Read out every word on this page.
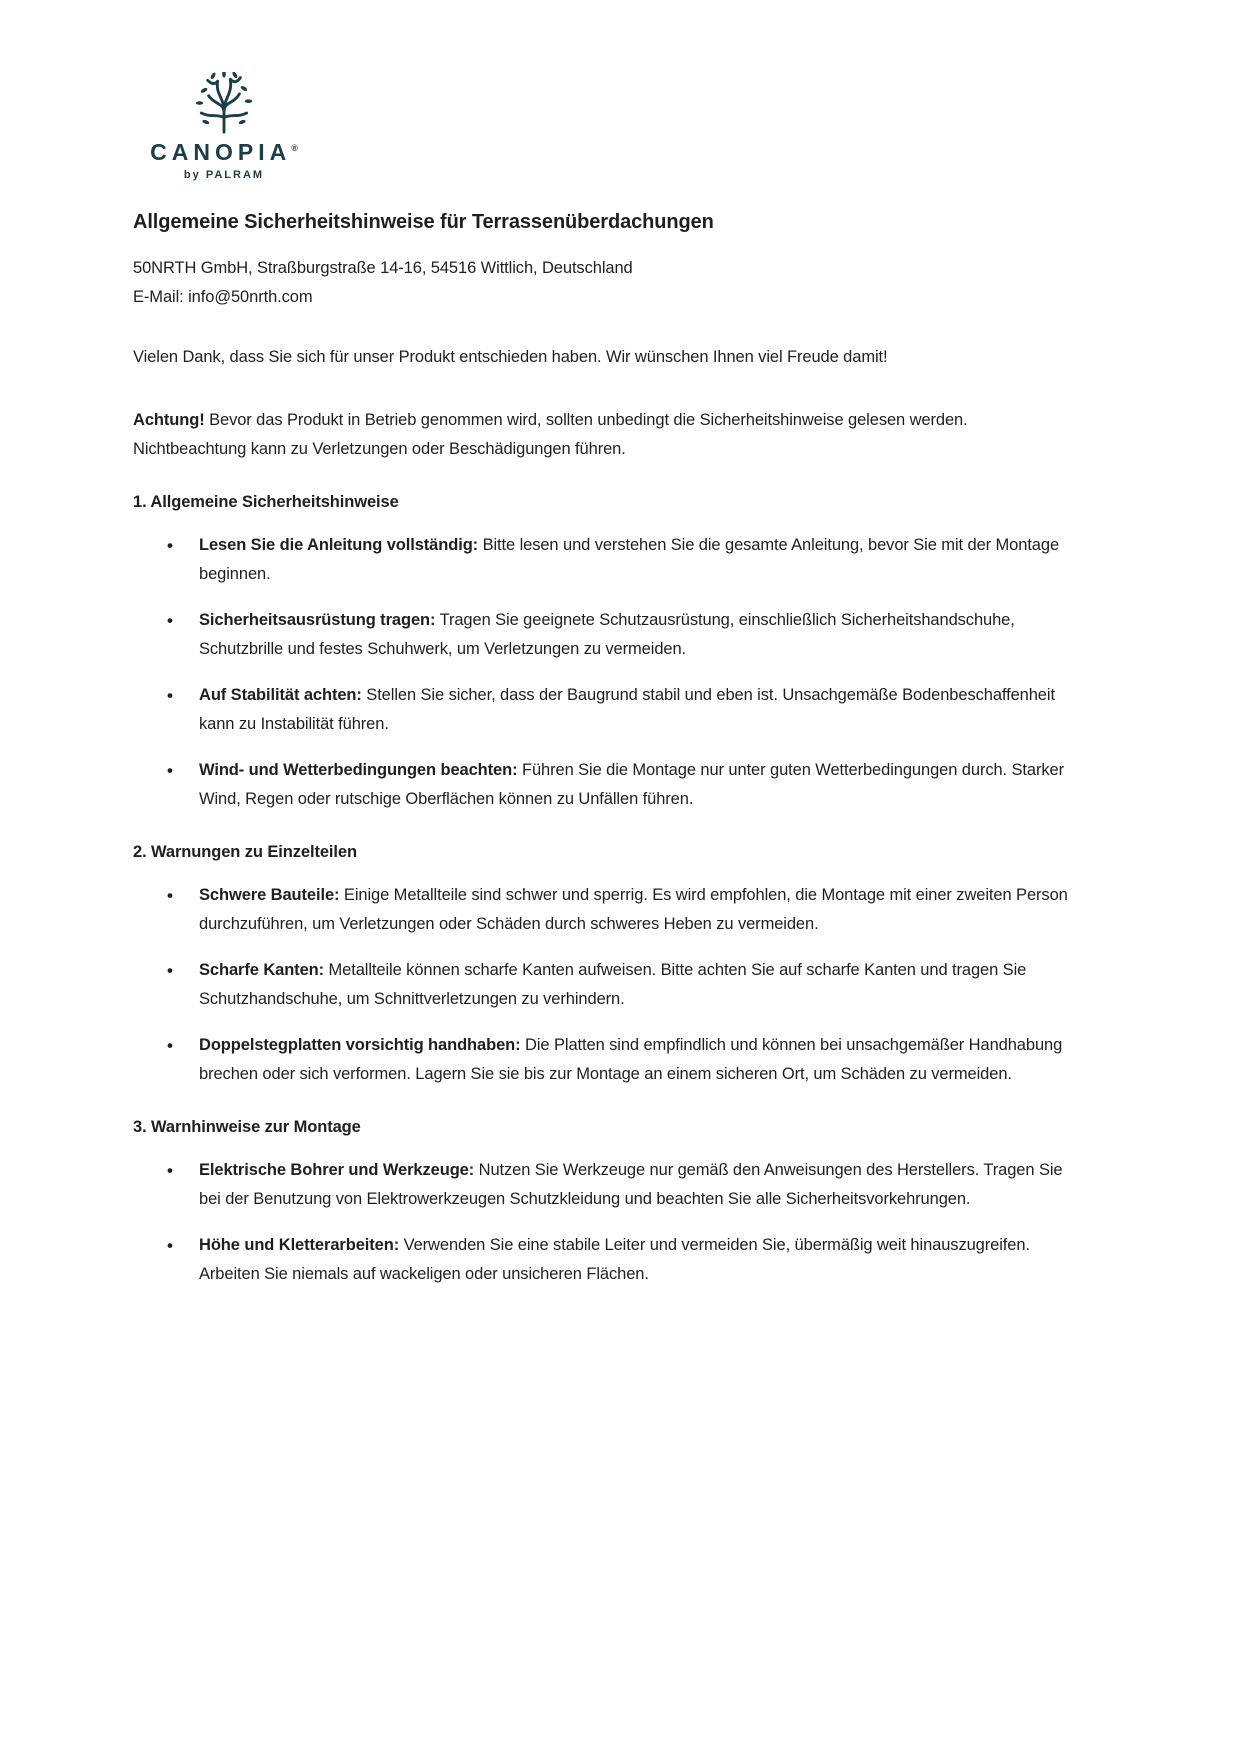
CANOPIA®
by PALRAM
Allgemeine Sicherheitshinweise für Terrassenüberdachungen

50NRTH GmbH, Straßburgstraße 14-16, 54516 Wittlich, Deutschland

E-Mail: info@50nrth.com

Vielen Dank, dass Sie sich für unser Produkt entschieden haben. Wir wünschen Ihnen viel Freude damit!

Achtung! Bevor das Produkt in Betrieb genommen wird, sollten unbedingt die Sicherheitshinweise gelesen werden. Nichtbeachtung kann zu Verletzungen oder Beschädigungen führen.

1. Allgemeine Sicherheitshinweise
• Lesen Sie die Anleitung vollständig: Bitte lesen und verstehen Sie die gesamte Anleitung, bevor Sie mit der Montage beginnen.
• Sicherheitsausrüstung tragen: Tragen Sie geeignete Schutzausrüstung, einschließlich Sicherheitshandschuhe, Schutzbrille und festes Schuhwerk, um Verletzungen zu vermeiden.
• Auf Stabilität achten: Stellen Sie sicher, dass der Baugrund stabil und eben ist. Unsachgemäße Bodenbeschaffenheit kann zu Instabilität führen.
• Wind- und Wetterbedingungen beachten: Führen Sie die Montage nur unter guten Wetterbedingungen durch. Starker Wind, Regen oder rutschige Oberflächen können zu Unfällen führen.
2. Warnungen zu Einzelteilen
• Schwere Bauteile: Einige Metallteile sind schwer und sperrig. Es wird empfohlen, die Montage mit einer zweiten Person durchzuführen, um Verletzungen oder Schäden durch schweres Heben zu vermeiden.
• Scharfe Kanten: Metallteile können scharfe Kanten aufweisen. Bitte achten Sie auf scharfe Kanten und tragen Sie Schutzhandschuhe, um Schnittverletzungen zu verhindern.
• Doppelstegplatten vorsichtig handhaben: Die Platten sind empfindlich und können bei unsachgemäßer Handhabung brechen oder sich verformen. Lagern Sie sie bis zur Montage an einem sicheren Ort, um Schäden zu vermeiden.
3. Warnhinweise zur Montage
• Elektrische Bohrer und Werkzeuge: Nutzen Sie Werkzeuge nur gemäß den Anweisungen des Herstellers. Tragen Sie bei der Benutzung von Elektrowerkzeugen Schutzkleidung und beachten Sie alle Sicherheitsvorkehrungen.
• Höhe und Kletterarbeiten: Verwenden Sie eine stabile Leiter und vermeiden Sie, übermäßig weit hinauszugreifen. Arbeiten Sie niemals auf wackeligen oder unsicheren Flächen.
